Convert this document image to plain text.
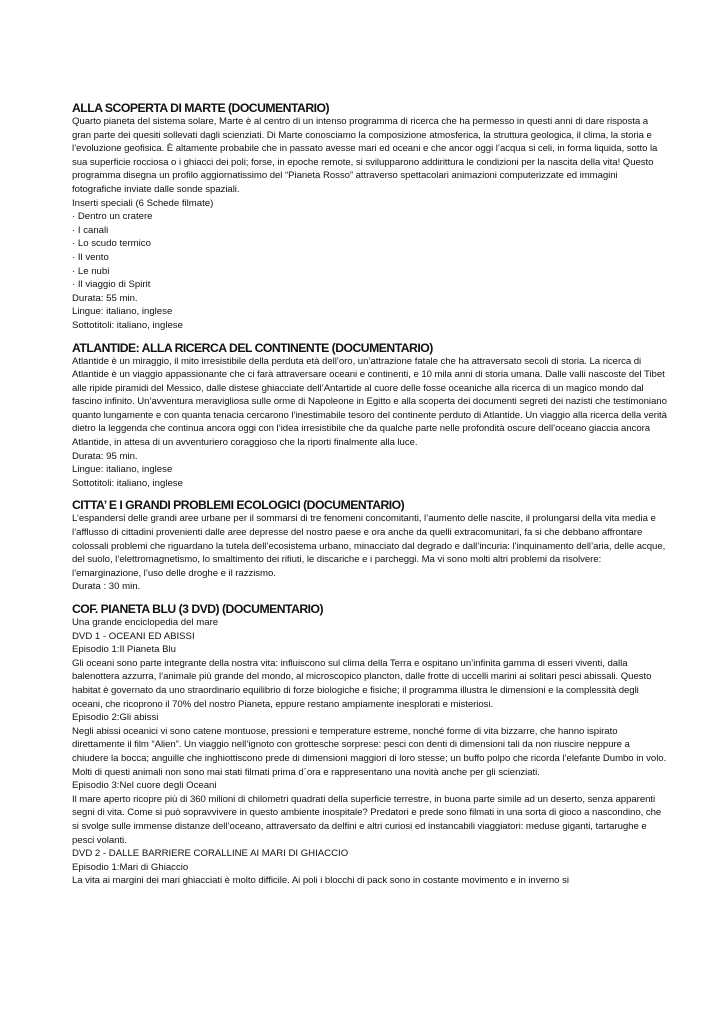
ALLA SCOPERTA DI MARTE (DOCUMENTARIO)

Quarto pianeta del sistema solare, Marte è al centro di un intenso programma di ricerca che ha permesso in questi anni di dare risposta a gran parte dei quesiti sollevati dagli scienziati. Di Marte conosciamo la composizione atmosferica, la struttura geologica, il clima, la storia e l’evoluzione geofisica. È altamente probabile che in passato avesse mari ed oceani e che ancor oggi l’acqua si celi, in forma liquida, sotto la sua superficie rocciosa o i ghiacci dei poli; forse, in epoche remote, si svilupparono addirittura le condizioni per la nascita della vita! Questo programma disegna un profilo aggiornatissimo del “Pianeta Rosso” attraverso spettacolari animazioni computerizzate ed immagini fotografiche inviate dalle sonde spaziali.

Inserti speciali (6 Schede filmate)
· Dentro un cratere
· I canali
· Lo scudo termico
· Il vento
· Le nubi
· Il viaggio di Spirit
Durata: 55 min.
Lingue: italiano, inglese
Sottotitoli: italiano, inglese
ATLANTIDE: ALLA RICERCA DEL CONTINENTE (DOCUMENTARIO)

Atlantide è un miraggio, il mito irresistibile della perduta età dell’oro, un’attrazione fatale che ha attraversato secoli di storia. La ricerca di Atlantide è un viaggio appassionante che ci farà attraversare oceani e continenti, e 10 mila anni di storia umana. Dalle valli nascoste del Tibet alle ripide piramidi del Messico, dalle distese ghiacciate dell’Antartide al cuore delle fosse oceaniche alla ricerca di un magico mondo dal fascino infinito. Un’avventura meravigliosa sulle orme di Napoleone in Egitto e alla scoperta dei documenti segreti dei nazisti che testimoniano quanto lungamente e con quanta tenacia cercarono l’inestimabile tesoro del continente perduto di Atlantide. Un viaggio alla ricerca della verità dietro la leggenda che continua ancora oggi con l’idea irresistibile che da qualche parte nelle profondità oscure dell’oceano giaccia ancora Atlantide, in attesa di un avventuriero coraggioso che la riporti finalmente alla luce.

Durata: 95 min.
Lingue: italiano, inglese
Sottotitoli: italiano, inglese
CITTA’ E I GRANDI PROBLEMI ECOLOGICI (DOCUMENTARIO)

L’espandersi delle grandi aree urbane per il sommarsi di tre fenomeni concomitanti, l’aumento delle nascite, il prolungarsi della vita media e l’afflusso di cittadini provenienti dalle aree depresse del nostro paese e ora anche da quelli extracomunitari, fa si che debbano affrontare colossali problemi che riguardano la tutela dell’ecosistema urbano, minacciato dal degrado e dall’incuria: l’inquinamento dell’aria, delle acque, del suolo, l’elettromagnetismo, lo smaltimento dei rifiuti, le discariche e i parcheggi. Ma vi sono molti altri problemi da risolvere: l’emarginazione, l’uso delle droghe e il razzismo.

Durata : 30 min.
COF. PIANETA BLU (3 DVD) (DOCUMENTARIO)
Una grande enciclopedia del mare
DVD 1 - OCEANI ED ABISSI
Episodio 1:Il Pianeta Blu

Gli oceani sono parte integrante della nostra vita: influiscono sul clima della Terra e ospitano un’infinita gamma di esseri viventi, dalla balenottera azzurra, l’animale più grande del mondo, al microscopico plancton, dalle frotte di uccelli marini ai solitari pesci abissali. Questo habitat è governato da uno straordinario equilibrio di forze biologiche e fisiche; il programma illustra le dimensioni e la complessità degli oceani, che ricoprono il 70% del nostro Pianeta, eppure restano ampiamente inesplorati e misteriosi.

Episodio 2:Gli abissi

Negli abissi oceanici vi sono catene montuose, pressioni e temperature estreme, nonché forme di vita bizzarre, che hanno ispirato direttamente il film “Alien”. Un viaggio nell’ignoto con grottesche sorprese: pesci con denti di dimensioni tali da non riuscire neppure a chiudere la bocca; anguille che inghiottiscono prede di dimensioni maggiori di loro stesse; un buffo polpo che ricorda l’elefante Dumbo in volo. Molti di questi animali non sono mai stati filmati prima d´ora e rappresentano una novità anche per gli scienziati.

Episodio 3:Nel cuore degli Oceani

Il mare aperto ricopre più di 360 milioni di chilometri quadrati della superficie terrestre, in buona parte simile ad un deserto, senza apparenti segni di vita. Come si può sopravvivere in questo ambiente inospitale? Predatori e prede sono filmati in una sorta di gioco a nascondino, che si svolge sulle immense distanze dell’oceano, attraversato da delfini e altri curiosi ed instancabili viaggiatori: meduse giganti, tartarughe e pesci volanti.

DVD 2 - DALLE BARRIERE CORALLINE AI MARI DI GHIACCIO
Episodio 1:Mari di Ghiaccio

La vita ai margini dei mari ghiacciati è molto difficile. Ai poli i blocchi di pack sono in costante movimento e in inverno si
